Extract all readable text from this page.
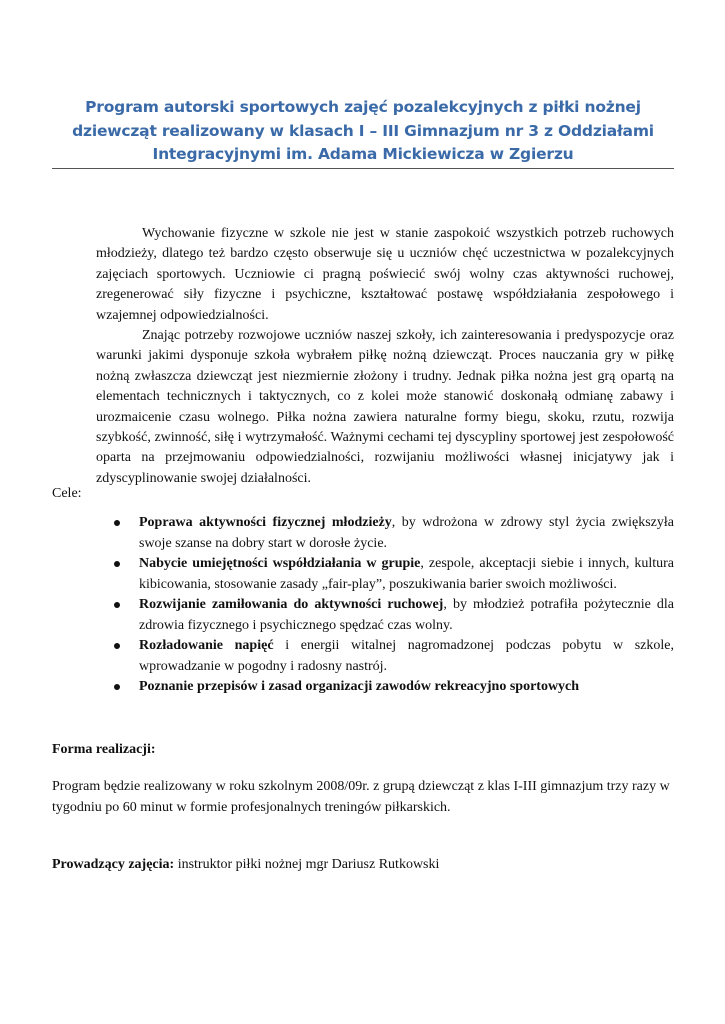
Program autorski sportowych zajęć pozalekcyjnych z piłki nożnej dziewcząt realizowany w klasach I – III Gimnazjum nr 3 z Oddziałami Integracyjnymi im. Adama Mickiewicza w Zgierzu

Wychowanie fizyczne w szkole nie jest w stanie zaspokoić wszystkich potrzeb ruchowych młodzieży, dlatego też bardzo często obserwuje się u uczniów chęć uczestnictwa w pozalekcyjnych zajęciach sportowych. Uczniowie ci pragną poświecić swój wolny czas aktywności ruchowej, zregenerować siły fizyczne i psychiczne, kształtować postawę współdziałania zespołowego i wzajemnej odpowiedzialności.

Znając potrzeby rozwojowe uczniów naszej szkoły, ich zainteresowania i predyspozycje oraz warunki jakimi dysponuje szkoła wybrałem piłkę nożną dziewcząt. Proces nauczania gry w piłkę nożną zwłaszcza dziewcząt jest niezmiernie złożony i trudny. Jednak piłka nożna jest grą opartą na elementach technicznych i taktycznych, co z kolei może stanowić doskonałą odmianę zabawy i urozmaicenie czasu wolnego. Piłka nożna zawiera naturalne formy biegu, skoku, rzutu, rozwija szybkość, zwinność, siłę i wytrzymałość. Ważnymi cechami tej dyscypliny sportowej jest zespołowość oparta na przejmowaniu odpowiedzialności, rozwijaniu możliwości własnej inicjatywy jak i zdyscyplinowanie swojej działalności.

Cele:
Poprawa aktywności fizycznej młodzieży, by wdrożona w zdrowy styl życia zwiększyła swoje szanse na dobry start w dorosłe życie.
Nabycie umiejętności współdziałania w grupie, zespole, akceptacji siebie i innych, kultura kibicowania, stosowanie zasady „fair-play”, poszukiwania barier swoich możliwości.
Rozwijanie zamiłowania do aktywności ruchowej, by młodzież potrafiła pożytecznie dla zdrowia fizycznego i psychicznego spędzać czas wolny.
Rozładowanie napięć i energii witalnej nagromadzonej podczas pobytu w szkole, wprowadzanie w pogodny i radosny nastrój.
Poznanie przepisów i zasad organizacji zawodów rekreacyjno sportowych
Forma realizacji:
Program będzie realizowany w roku szkolnym 2008/09r. z grupą dziewcząt z klas I-III gimnazjum trzy razy w tygodniu po 60 minut w formie profesjonalnych treningów piłkarskich.
Prowadzący zajęcia: instruktor piłki nożnej mgr Dariusz Rutkowski
